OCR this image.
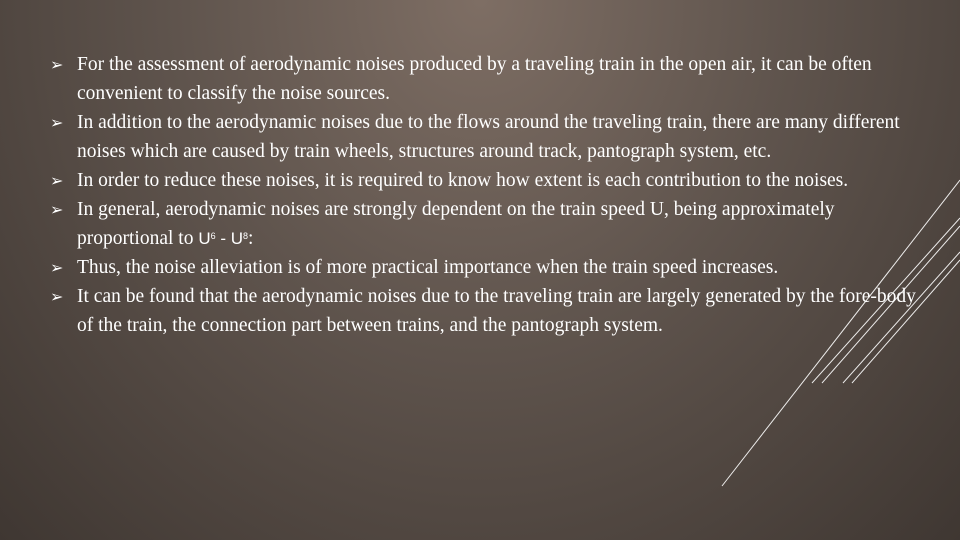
➢ For the assessment of aerodynamic noises produced by a traveling train in the open air, it can be often convenient to classify the noise sources.

➢ In addition to the aerodynamic noises due to the flows around the traveling train, there are many different noises which are caused by train wheels, structures around track, pantograph system, etc.

➢ In order to reduce these noises, it is required to know how extent is each contribution to the noises.

➢ In general, aerodynamic noises are strongly dependent on the train speed U, being approximately proportional to $U^6 - U^8$:

➢ Thus, the noise alleviation is of more practical importance when the train speed increases.

➢ It can be found that the aerodynamic noises due to the traveling train are largely generated by the fore-body of the train, the connection part between trains, and the pantograph system.
